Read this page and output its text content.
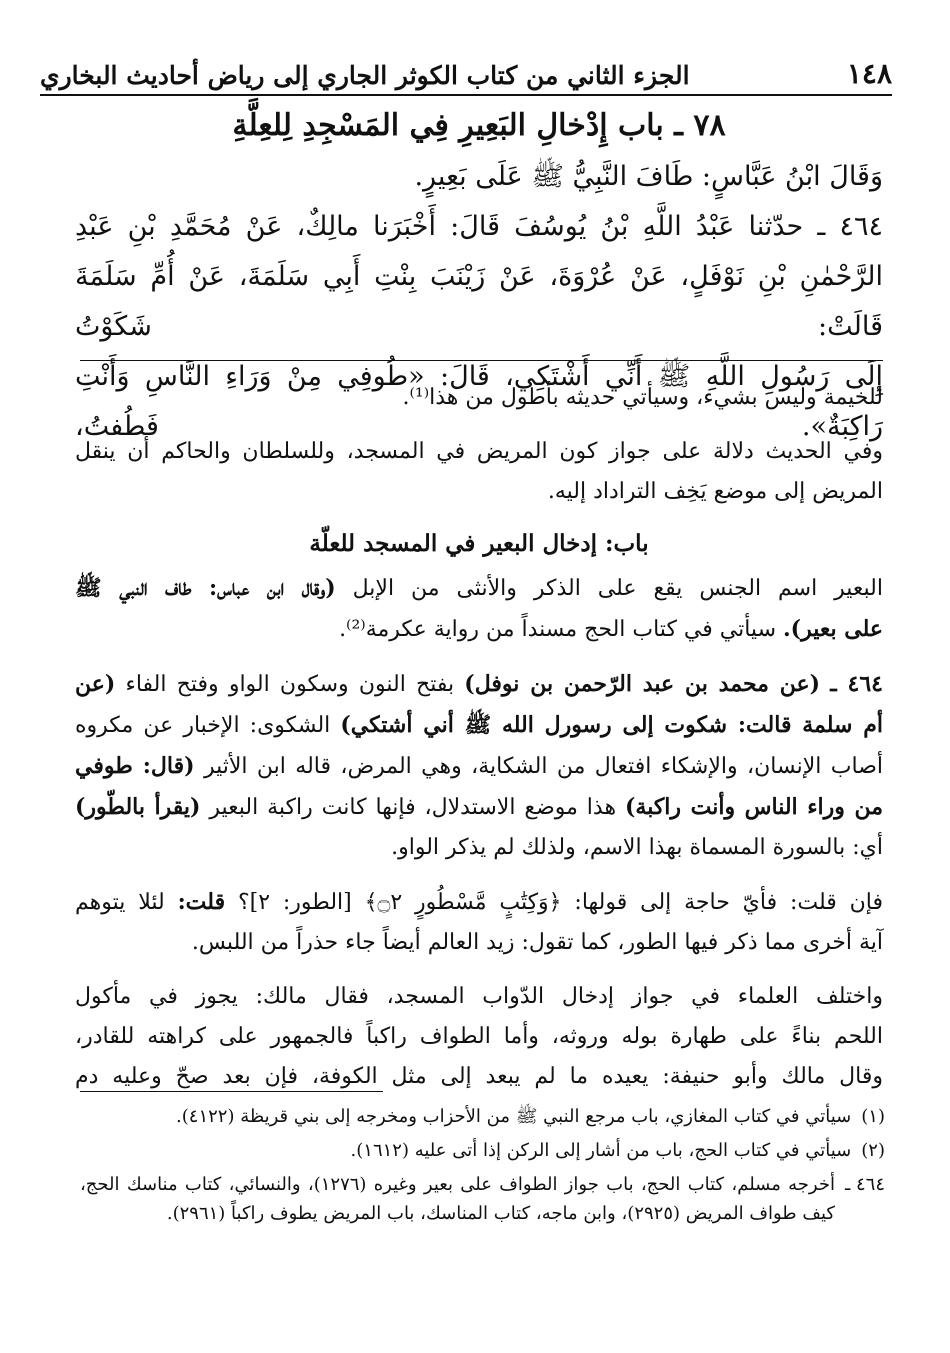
١٤٨
الجزء الثاني من كتاب الكوثر الجاري إلى رياض أحاديث البخاري
٧٨ ـ باب إِدْخالِ البَعِيرِ فِي المَسْجِدِ لِلعِلَّةِ
وَقَالَ ابْنُ عَبَّاسٍ: طَافَ النَّبِيُّ ﷺ عَلَى بَعِيرٍ.
٤٦٤ ـ حدّثنا عَبْدُ اللَّهِ بْنُ يُوسُفَ قَالَ: أَخْبَرَنا مالِكٌ، عَنْ مُحَمَّدِ بْنِ عَبْدِ
الرَّحْمٰنِ بْنِ نَوْفَلٍ، عَنْ عُرْوَةَ، عَنْ زَيْنَبَ بِنْتِ أَبِي سَلَمَةَ، عَنْ أُمِّ سَلَمَةَ قَالَتْ: شَكَوْتُ
إِلَى رَسُولِ اللَّهِ ﷺ أَنِّي أَشْتَكِي، قَالَ: «طُوفِي مِنْ وَرَاءِ النَّاسِ وَأَنْتِ رَاكِبَةٌ». فَطُفتُ،

للخيمة وليس بشيء، وسيأتي حديثه بأطول من هذا⁽¹⁾.

وفي الحديث دلالة على جواز كون المريض في المسجد، وللسلطان والحاكم أن ينقل

المريض إلى موضع يَخِف التراداد إليه.

باب: إدخال البعير في المسجد للعلّة

البعير اسم الجنس يقع على الذكر والأنثى من الإبل (وقال ابن عباس: طاف النبي ﷺ

على بعير). سيأتي في كتاب الحج مسنداً من رواية عكرمة⁽²⁾.

٤٦٤ ـ (عن محمد بن عبد الرّحمن بن نوفل) بفتح النون وسكون الواو وفتح الفاء (عن

أم سلمة قالت: شكوت إلى رسورل الله ﷺ أني أشتكي) الشكوى: الإخبار عن مكروه

أصاب الإنسان، والإشكاء افتعال من الشكاية، وهي المرض، قاله ابن الأثير (قال: طوفي

من وراء الناس وأنت راكبة) هذا موضع الاستدلال، فإنها كانت راكبة البعير (يقرأ بالطّور)

أي: بالسورة المسماة بهذا الاسم، ولذلك لم يذكر الواو.

فإن قلت: فأيّ حاجة إلى قولها: ﴿وَكِتَٰبٍ مَّسْطُورٍ ۝٢﴾ [الطور: ٢]؟ قلت: لئلا يتوهم

آية أخرى مما ذكر فيها الطور، كما تقول: زيد العالم أيضاً جاء حذراً من اللبس.

واختلف العلماء في جواز إدخال الدّواب المسجد، فقال مالك: يجوز في مأكول

اللحم بناءً على طهارة بوله وروثه، وأما الطواف راكباً فالجمهور على كراهته للقادر،

وقال مالك وأبو حنيفة: يعيده ما لم يبعد إلى مثل الكوفة، فإن بعد صحّ وعليه دم

(١)
سيأتي في كتاب المغازي، باب مرجع النبي ﷺ من الأحزاب ومخرجه إلى بني قريظة (٤١٢٢).
(٢)
سيأتي في كتاب الحج، باب من أشار إلى الركن إذا أتى عليه (١٦١٢).
٤٦٤ ـ
أخرجه مسلم، كتاب الحج، باب جواز الطواف على بعير وغيره (١٢٧٦)، والنسائي، كتاب مناسك الحج، كيف طواف المريض (٢٩٢٥)، وابن ماجه، كتاب المناسك، باب المريض يطوف راكباً (٢٩٦١).
